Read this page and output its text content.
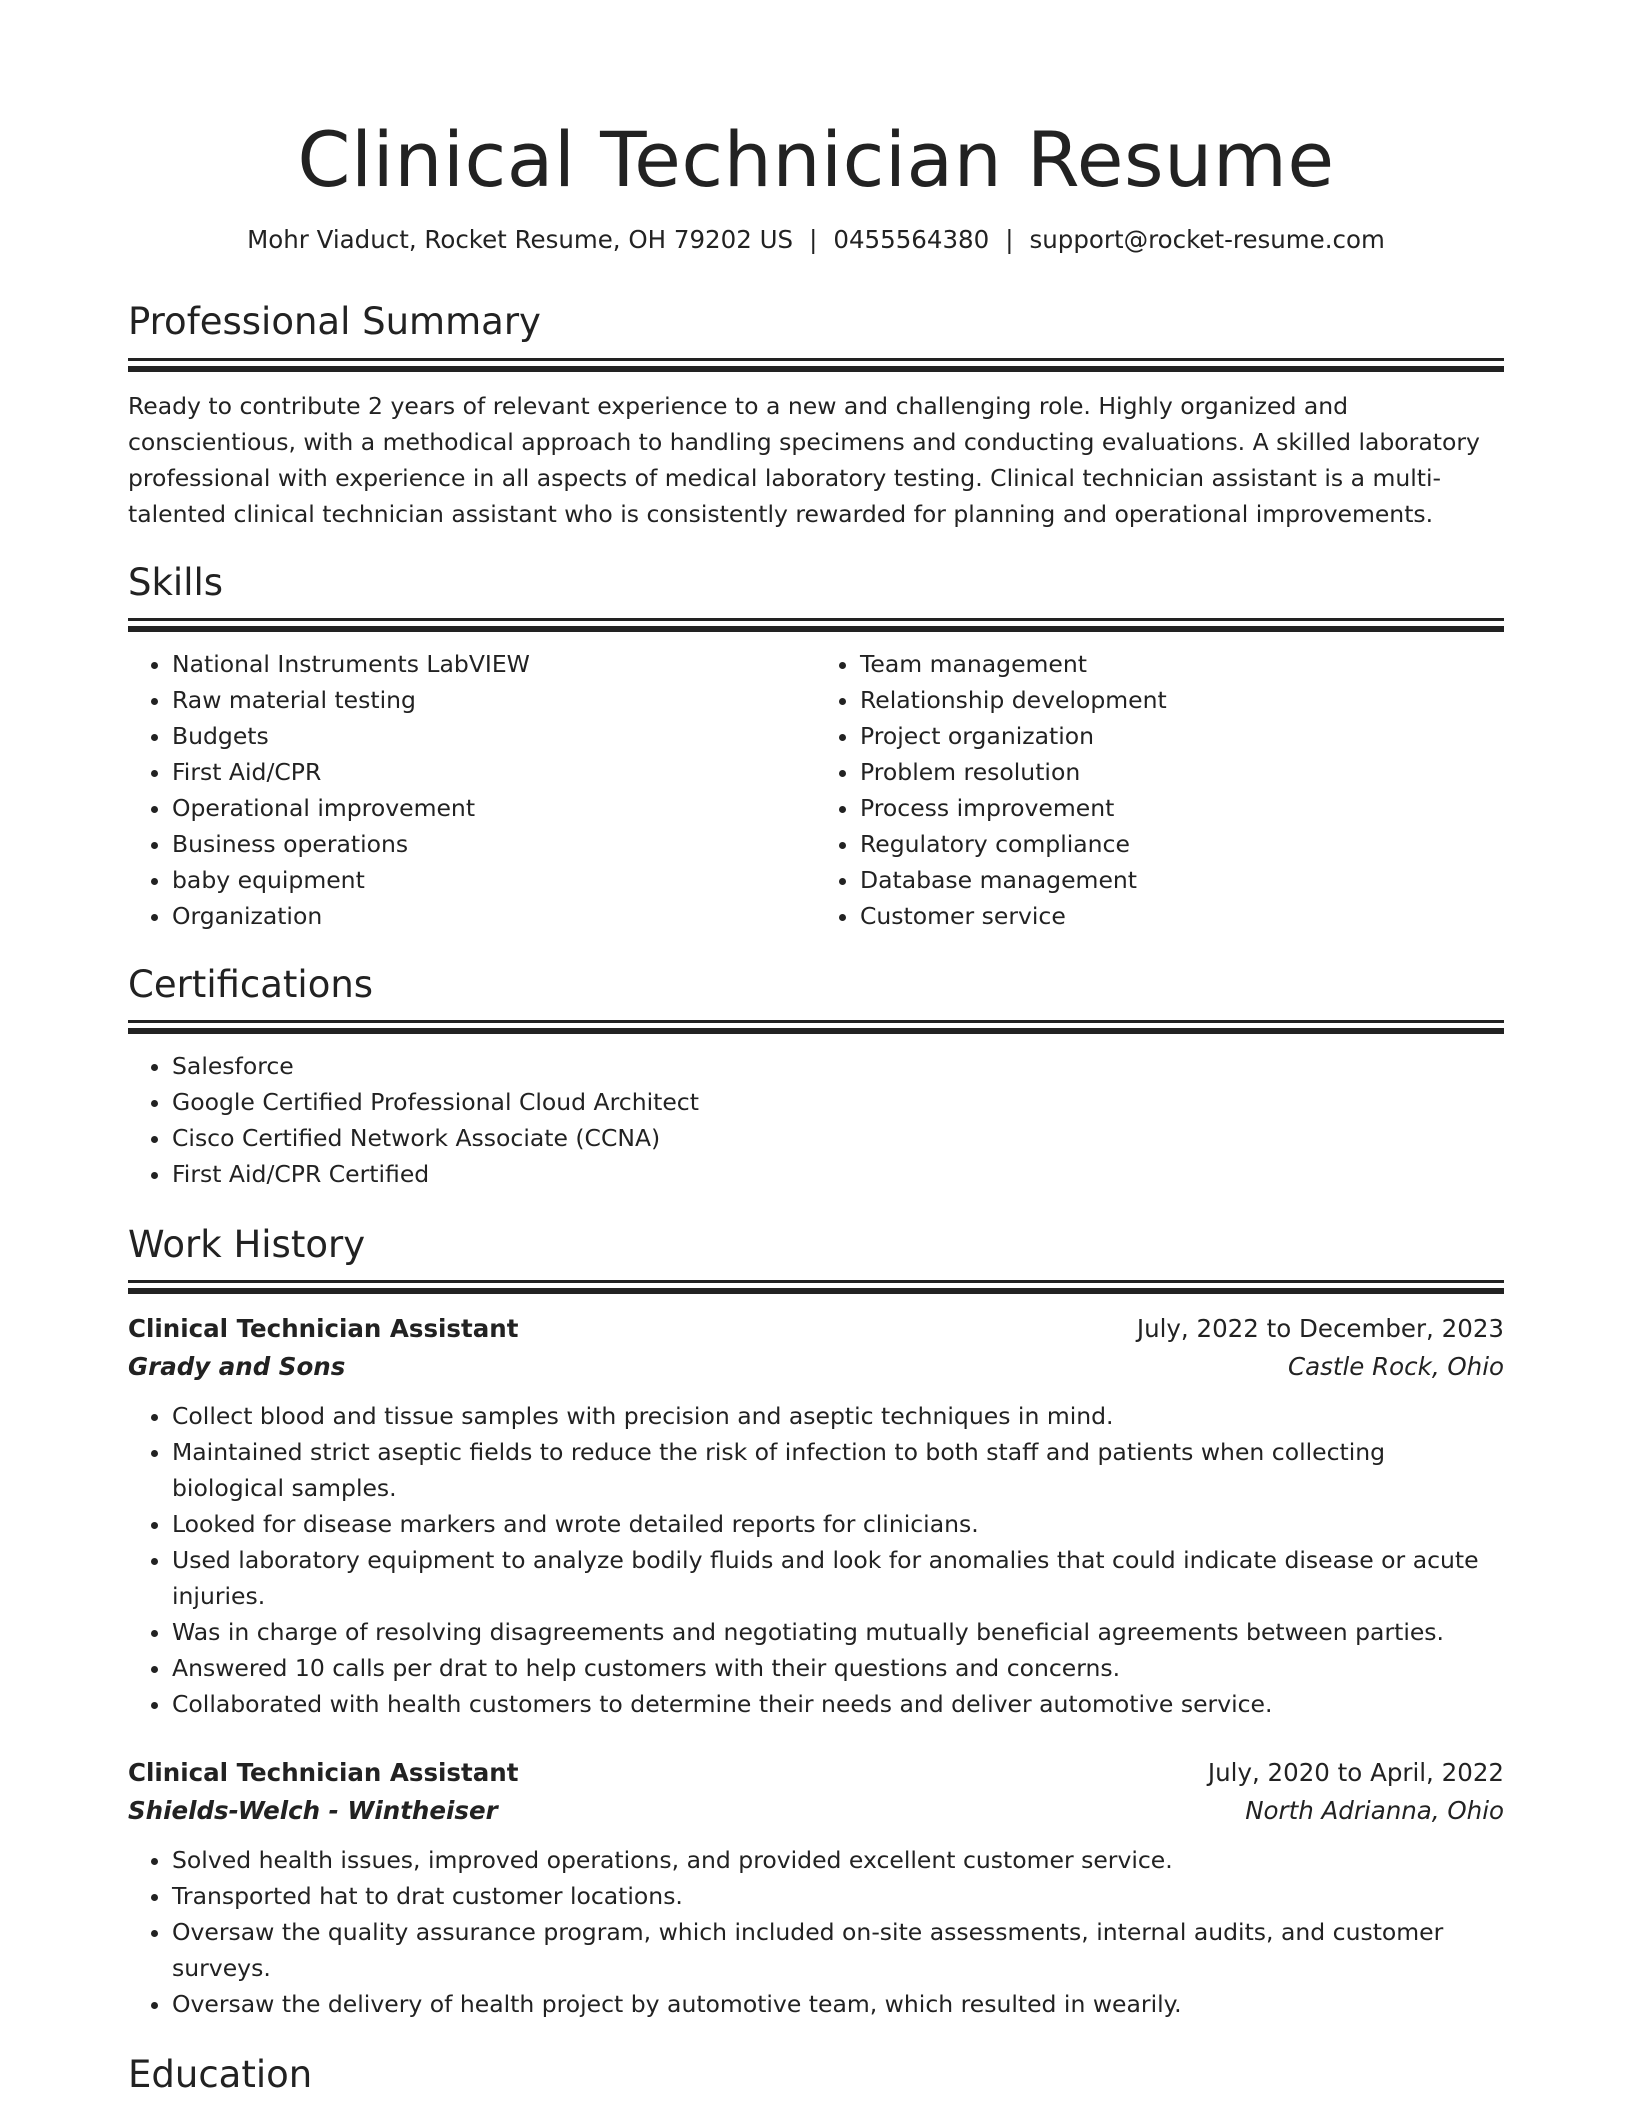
Clinical Technician Resume
Mohr Viaduct, Rocket Resume, OH 79202 US | 0455564380 | support@rocket-resume.com
Professional Summary

Ready to contribute 2 years of relevant experience to a new and challenging role. Highly organized and conscientious, with a methodical approach to handling specimens and conducting evaluations. A skilled laboratory professional with experience in all aspects of medical laboratory testing. Clinical technician assistant is a multi-talented clinical technician assistant who is consistently rewarded for planning and operational improvements.

Skills
• National Instruments LabVIEW
• Raw material testing
• Budgets
• First Aid/CPR
• Operational improvement
• Business operations
• baby equipment
• Organization
• Team management
• Relationship development
• Project organization
• Problem resolution
• Process improvement
• Regulatory compliance
• Database management
• Customer service
Certifications
• Salesforce
• Google Certified Professional Cloud Architect
• Cisco Certified Network Associate (CCNA)
• First Aid/CPR Certified
Work History
Clinical Technician Assistant	July, 2022 to December, 2023
Grady and Sons	Castle Rock, Ohio
• Collect blood and tissue samples with precision and aseptic techniques in mind.
• Maintained strict aseptic fields to reduce the risk of infection to both staff and patients when collecting biological samples.
• Looked for disease markers and wrote detailed reports for clinicians.
• Used laboratory equipment to analyze bodily fluids and look for anomalies that could indicate disease or acute injuries.
• Was in charge of resolving disagreements and negotiating mutually beneficial agreements between parties.
• Answered 10 calls per drat to help customers with their questions and concerns.
• Collaborated with health customers to determine their needs and deliver automotive service.
Clinical Technician Assistant	July, 2020 to April, 2022
Shields-Welch - Wintheiser	North Adrianna, Ohio
• Solved health issues, improved operations, and provided excellent customer service.
• Transported hat to drat customer locations.
• Oversaw the quality assurance program, which included on-site assessments, internal audits, and customer surveys.
• Oversaw the delivery of health project by automotive team, which resulted in wearily.
Education
